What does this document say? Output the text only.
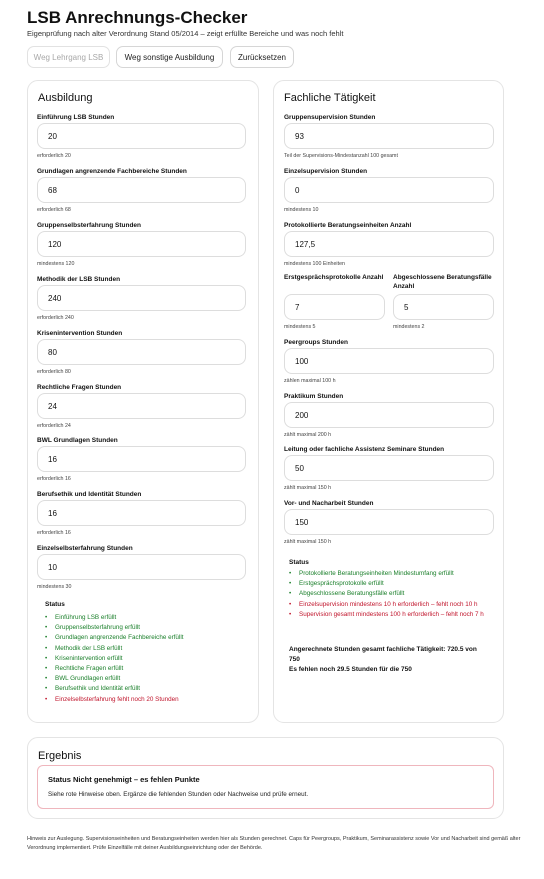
LSB Anrechnungs-Checker
Eigenprüfung nach alter Verordnung Stand 05/2014 – zeigt erfüllte Bereiche und was noch fehlt
Weg Lehrgang LSB	Weg sonstige Ausbildung	Zurücksetzen
Ausbildung
Einführung LSB Stunden
20
erforderlich 20
Grundlagen angrenzende Fachbereiche Stunden
68
erforderlich 68
Gruppenselbsterfahrung Stunden
120
mindestens 120
Methodik der LSB Stunden
240
erforderlich 240
Krisenintervention Stunden
80
erforderlich 80
Rechtliche Fragen Stunden
24
erforderlich 24
BWL Grundlagen Stunden
16
erforderlich 16
Berufsethik und Identität Stunden
16
erforderlich 16
Einzelselbsterfahrung Stunden
10
mindestens 30
Status
• Einführung LSB erfüllt
• Gruppenselbsterfahrung erfüllt
• Grundlagen angrenzende Fachbereiche erfüllt
• Methodik der LSB erfüllt
• Krisenintervention erfüllt
• Rechtliche Fragen erfüllt
• BWL Grundlagen erfüllt
• Berufsethik und Identität erfüllt
• Einzelselbsterfahrung fehlt noch 20 Stunden
Fachliche Tätigkeit
Gruppensupervision Stunden
93
Teil der Supervisions-Mindestanzahl 100 gesamt
Einzelsupervision Stunden
0
mindestens 10
Protokollierte Beratungseinheiten Anzahl
127,5
mindestens 100 Einheiten
Erstgesprächsprotokolle Anzahl
7
mindestens 5
Abgeschlossene Beratungsfälle Anzahl
5
mindestens 2
Peergroups Stunden
100
zählen maximal 100 h
Praktikum Stunden
200
zählt maximal 200 h
Leitung oder fachliche Assistenz Seminare Stunden
50
zählt maximal 150 h
Vor- und Nacharbeit Stunden
150
zählt maximal 150 h
Status
• Protokollierte Beratungseinheiten Mindestumfang erfüllt
• Erstgesprächsprotokolle erfüllt
• Abgeschlossene Beratungsfälle erfüllt
• Einzelsupervision mindestens 10 h erforderlich – fehlt noch 10 h
• Supervision gesamt mindestens 100 h erforderlich – fehlt noch 7 h
Angerechnete Stunden gesamt fachliche Tätigkeit: 720.5 von 750
Es fehlen noch 29.5 Stunden für die 750
Ergebnis
Status Nicht genehmigt – es fehlen Punkte
Siehe rote Hinweise oben. Ergänze die fehlenden Stunden oder Nachweise und prüfe erneut.
Hinweis zur Auslegung. Supervisionseinheiten und Beratungseinheiten werden hier als Stunden gerechnet. Caps für Peergroups, Praktikum, Seminarassistenz sowie Vor und Nacharbeit sind gemäß alter Verordnung implementiert. Prüfe Einzelfälle mit deiner Ausbildungseinrichtung oder der Behörde.
